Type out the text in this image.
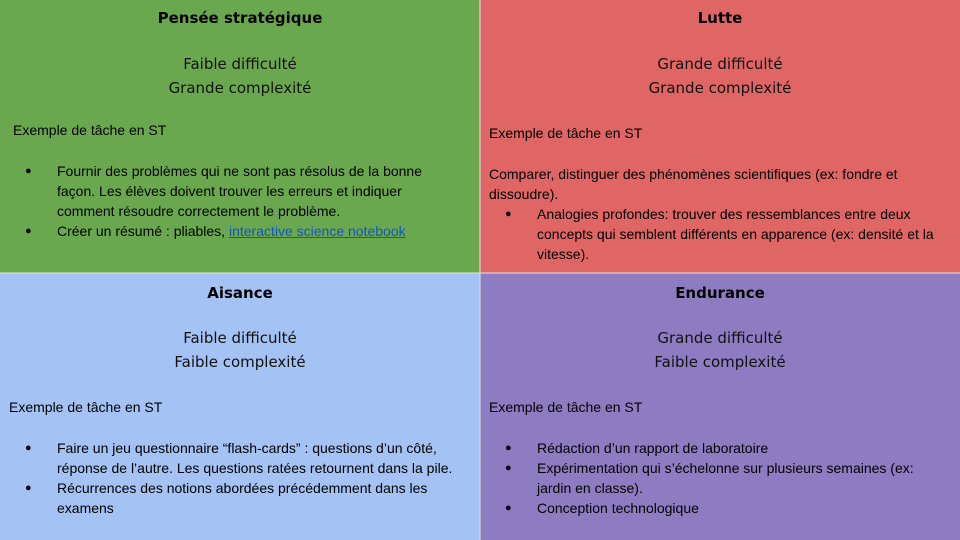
Pensée stratégique
Faible difficulté
Grande complexité
Exemple de tâche en ST
● Fournir des problèmes qui ne sont pas résolus de la bonne façon. Les élèves doivent trouver les erreurs et indiquer comment résoudre correctement le problème.
● Créer un résumé : pliables, interactive science notebook
Lutte
Grande difficulté
Grande complexité
Exemple de tâche en ST
Comparer, distinguer des phénomènes scientifiques (ex: fondre et dissoudre).
● Analogies profondes: trouver des ressemblances entre deux concepts qui semblent différents en apparence (ex: densité et la vitesse).
Aisance
Faible difficulté
Faible complexité
Exemple de tâche en ST
● Faire un jeu questionnaire “flash-cards” : questions d’un côté, réponse de l’autre. Les questions ratées retournent dans la pile.
● Récurrences des notions abordées précédemment dans les examens
Endurance
Grande difficulté
Faible complexité
Exemple de tâche en ST
● Rédaction d’un rapport de laboratoire
● Expérimentation qui s’échelonne sur plusieurs semaines (ex: jardin en classe).
● Conception technologique
